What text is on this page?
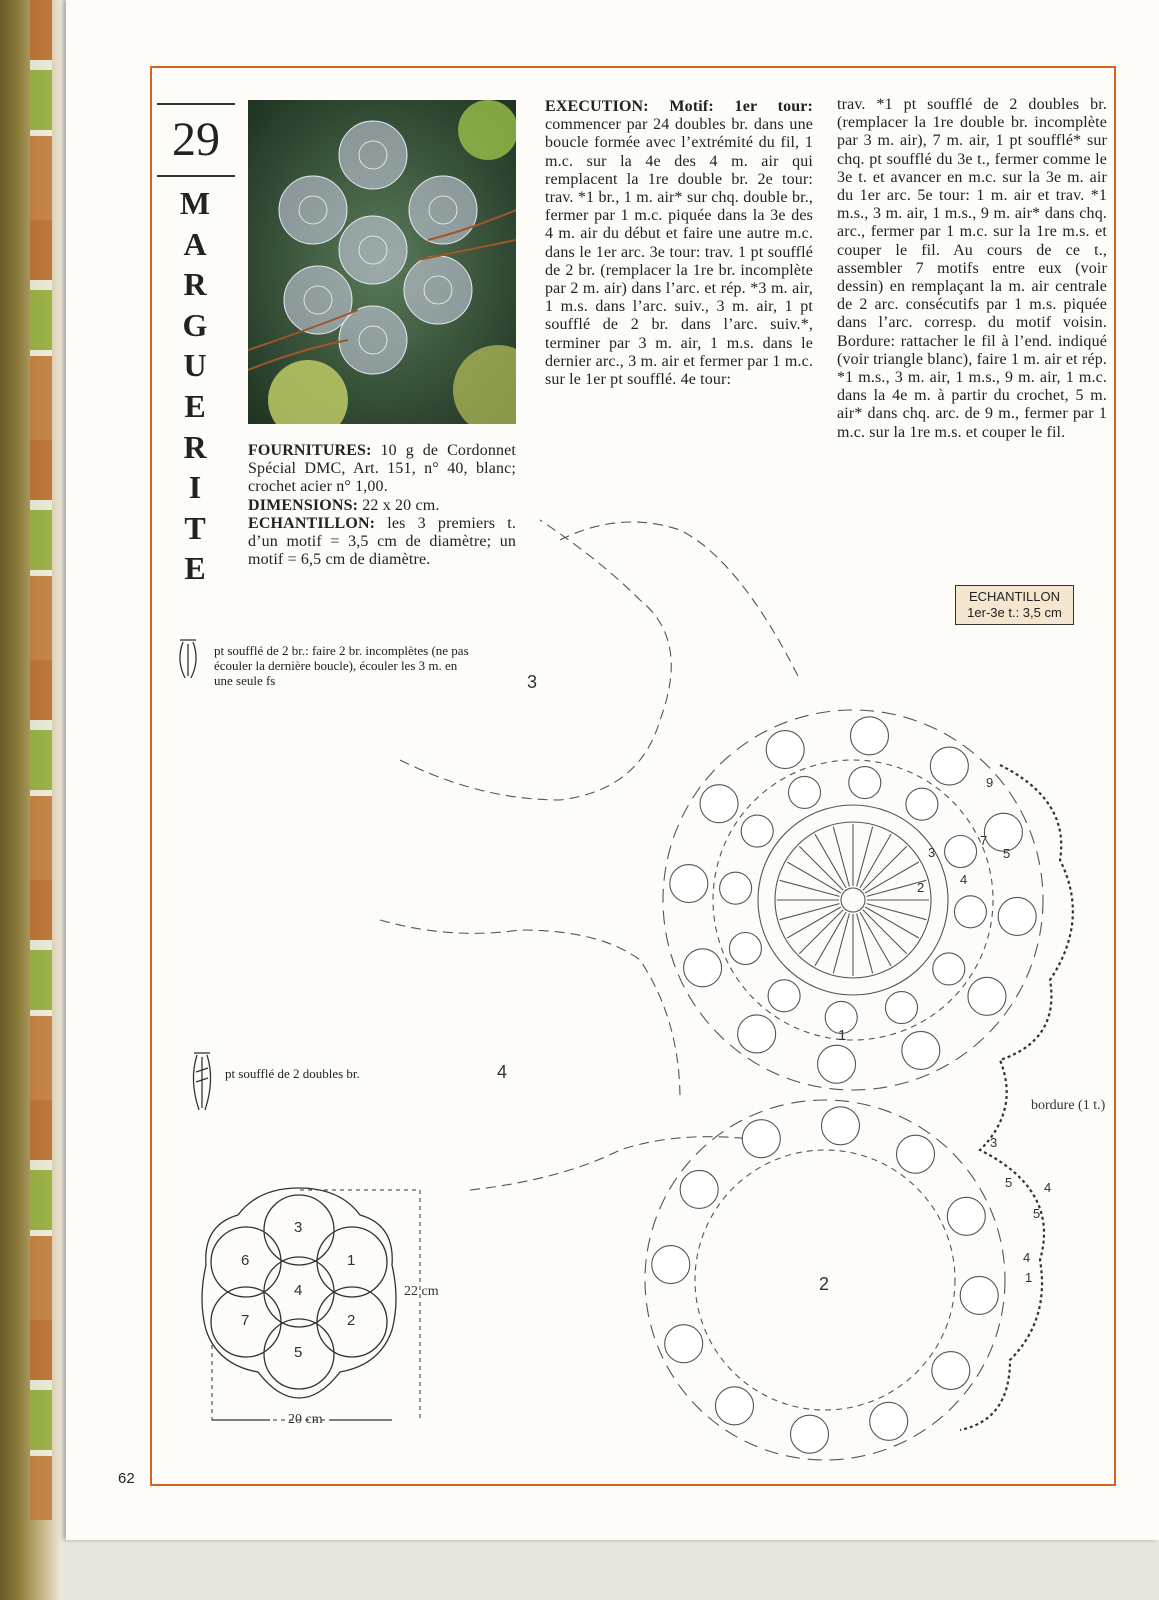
29
M
A
R
G
U
E
R
I
T
E
FOURNITURES: 10 g de Cordonnet Spécial DMC, Art. 151, n° 40, blanc; crochet acier n° 1,00.
DIMENSIONS: 22 x 20 cm.
ECHANTILLON: les 3 premiers t. d’un motif = 3,5 cm de diamètre; un motif = 6,5 cm de diamètre.
EXECUTION: Motif: 1er tour: commencer par 24 doubles br. dans une boucle formée avec l’extrémité du fil, 1 m.c. sur la 4e des 4 m. air qui remplacent la 1re double br. 2e tour: trav. *1 br., 1 m. air* sur chq. double br., fermer par 1 m.c. piquée dans la 3e des 4 m. air du début et faire une autre m.c. dans le 1er arc. 3e tour: trav. 1 pt soufflé de 2 br. (remplacer la 1re br. incomplète par 2 m. air) dans l’arc. et rép. *3 m. air, 1 m.s. dans l’arc. suiv., 3 m. air, 1 pt soufflé de 2 br. dans l’arc. suiv.*, terminer par 3 m. air, 1 m.s. dans le dernier arc., 3 m. air et fermer par 1 m.c. sur le 1er pt soufflé. 4e tour:
trav. *1 pt soufflé de 2 doubles br. (remplacer la 1re double br. incomplète par 3 m. air), 7 m. air, 1 pt soufflé* sur chq. pt soufflé du 3e t., fermer comme le 3e t. et avancer en m.c. sur la 3e m. air du 1er arc. 5e tour: 1 m. air et trav. *1 m.s., 3 m. air, 1 m.s., 9 m. air* dans chq. arc., fermer par 1 m.c. sur la 1re m.s. et couper le fil. Au cours de ce t., assembler 7 motifs entre eux (voir dessin) en remplaçant la m. air centrale de 2 arc. consécutifs par 1 m.s. piquée dans l’arc. corresp. du motif voisin. Bordure: rattacher le fil à l’end. indiqué (voir triangle blanc), faire 1 m. air et rép. *1 m.s., 3 m. air, 1 m.s., 9 m. air, 1 m.c. dans la 4e m. à partir du crochet, 5 m. air* dans chq. arc. de 9 m., fermer par 1 m.c. sur la 1re m.s. et couper le fil.
pt soufflé de 2 br.: faire 2 br. incomplètes (ne pas écouler la dernière boucle), écouler les 3 m. en une seule fs
pt soufflé de 2 doubles br.
ECHANTILLON
1er-3e t.: 3,5 cm
3
4
2
1
bordure (1 t.)
9
7
5
4
3
2
3
5 4
5
4
1
3
6	1
4
7	2
5
22 cm
20 cm
62
